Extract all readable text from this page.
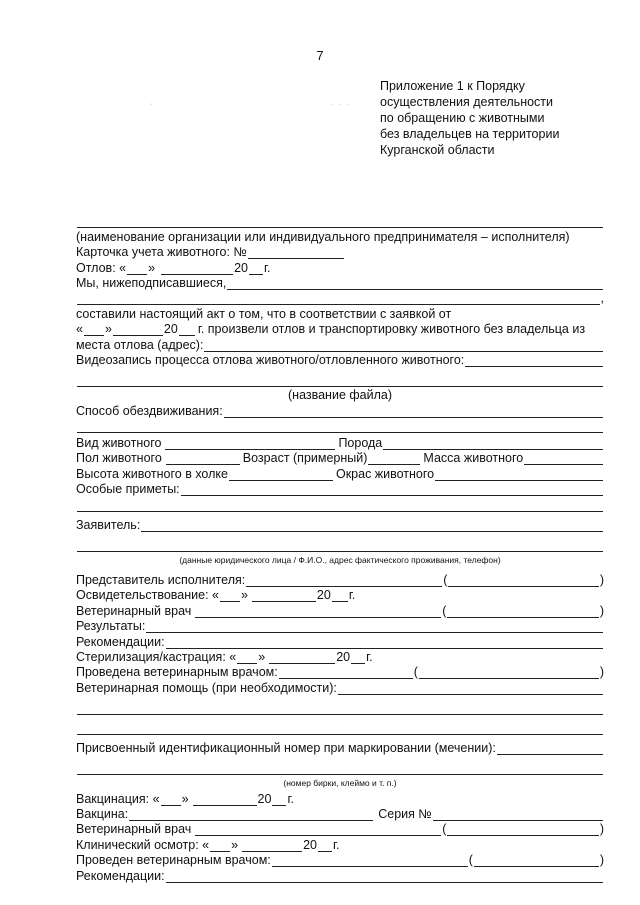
7
·	· · ·
Приложение 1 к Порядку
осуществления деятельности
по обращению с животными
без владельцев на территории
Курганской области
(наименование организации или индивидуального предпринимателя – исполнителя)
Карточка учета животного: №
Отлов: « »	20 г.
Мы, нижеподписавшиеся,
,
составили настоящий акт о том, что в соответствии с заявкой от
« »	20 г. произвели отлов и транспортировку животного без владельца из
места отлова (адрес):
Видеозапись процесса отлова животного/отловленного животного:
(название файла)
Способ обездвиживания:
Вид животного	Порода
Пол животного	Возраст (примерный)	Масса животного
Высота животного в холке	Окрас животного
Особые приметы:
Заявитель:
(данные юридического лица / Ф.И.О., адрес фактического проживания, телефон)
Представитель исполнителя:	(	)
Освидетельствование: « »	20 г.
Ветеринарный врач	(	)
Результаты:
Рекомендации:
Стерилизация/кастрация: « »	20 г.
Проведена ветеринарным врачом:	(	)
Ветеринарная помощь (при необходимости):
Присвоенный идентификационный номер при маркировании (мечении):
(номер бирки, клеймо и т. п.)
Вакцинация: « »	20 г.
Вакцина:	Серия №
Ветеринарный врач	(	)
Клинический осмотр: « »	20 г.
Проведен ветеринарным врачом:	(	)
Рекомендации:
